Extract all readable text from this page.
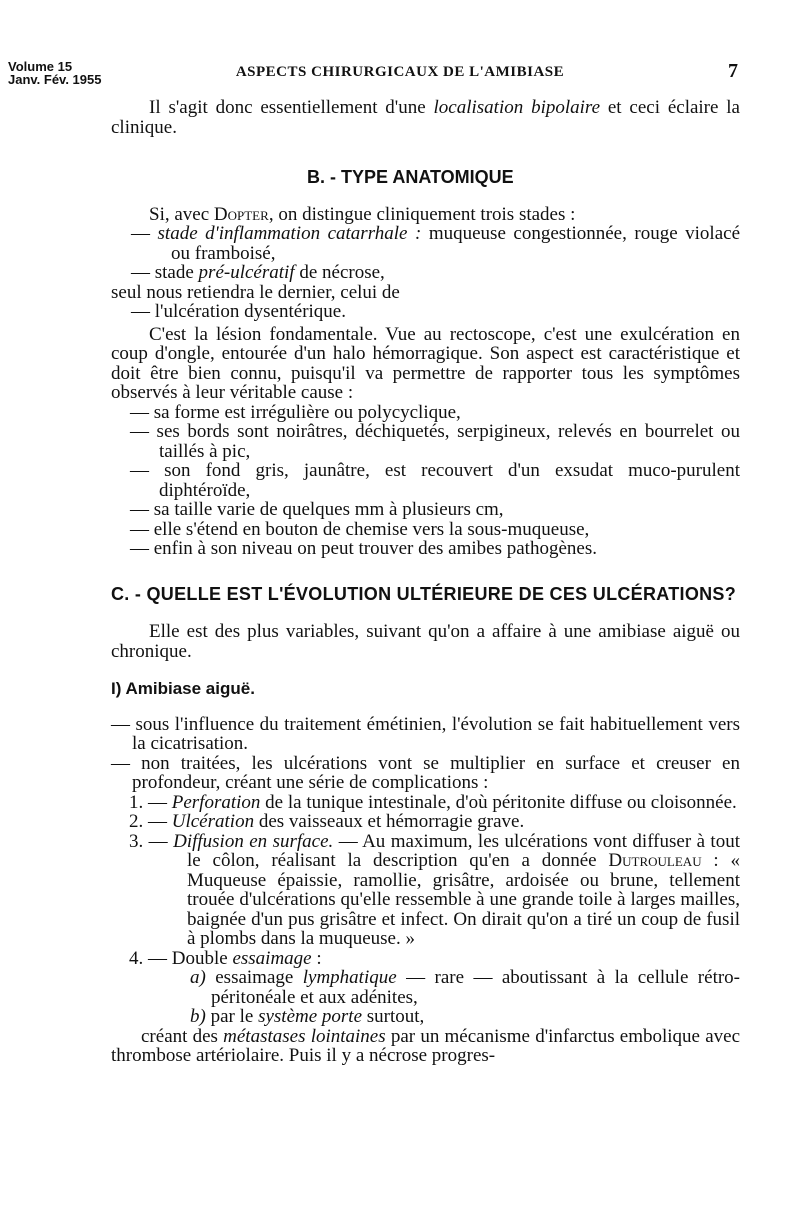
Volume 15
Janv. Fév. 1955	ASPECTS CHIRURGICAUX DE L'AMIBIASE	7

Il s'agit donc essentiellement d'une localisation bipolaire et ceci éclaire la clinique.

B. - TYPE ANATOMIQUE

Si, avec Dopter, on distingue cliniquement trois stades :

— stade d'inflammation catarrhale : muqueuse congestionnée, rouge violacé ou framboisé,

— stade pré-ulcératif de nécrose,

seul nous retiendra le dernier, celui de

— l'ulcération dysentérique.

C'est la lésion fondamentale. Vue au rectoscope, c'est une exulcération en coup d'ongle, entourée d'un halo hémorragique. Son aspect est caractéristique et doit être bien connu, puisqu'il va permettre de rapporter tous les symptômes observés à leur véritable cause :

— sa forme est irrégulière ou polycyclique,

— ses bords sont noirâtres, déchiquetés, serpigineux, relevés en bourrelet ou taillés à pic,

— son fond gris, jaunâtre, est recouvert d'un exsudat muco-purulent diphtéroïde,

— sa taille varie de quelques mm à plusieurs cm,

— elle s'étend en bouton de chemise vers la sous-muqueuse,

— enfin à son niveau on peut trouver des amibes pathogènes.

C. - QUELLE EST L'ÉVOLUTION ULTÉRIEURE DE CES ULCÉRATIONS?

Elle est des plus variables, suivant qu'on a affaire à une amibiase aiguë ou chronique.

I) Amibiase aiguë.

— sous l'influence du traitement émétinien, l'évolution se fait habituellement vers la cicatrisation.

— non traitées, les ulcérations vont se multiplier en surface et creuser en profondeur, créant une série de complications :

1. — Perforation de la tunique intestinale, d'où péritonite diffuse ou cloisonnée.

2. — Ulcération des vaisseaux et hémorragie grave.

3. — Diffusion en surface. — Au maximum, les ulcérations vont diffuser à tout le côlon, réalisant la description qu'en a donnée Dutrouleau : « Muqueuse épaissie, ramollie, grisâtre, ardoisée ou brune, tellement trouée d'ulcérations qu'elle ressemble à une grande toile à larges mailles, baignée d'un pus grisâtre et infect. On dirait qu'on a tiré un coup de fusil à plombs dans la muqueuse. »

4. — Double essaimage :

a) essaimage lymphatique — rare — aboutissant à la cellule rétro-péritonéale et aux adénites,

b) par le système porte surtout,

créant des métastases lointaines par un mécanisme d'infarctus embolique avec thrombose artériolaire. Puis il y a nécrose progres-
